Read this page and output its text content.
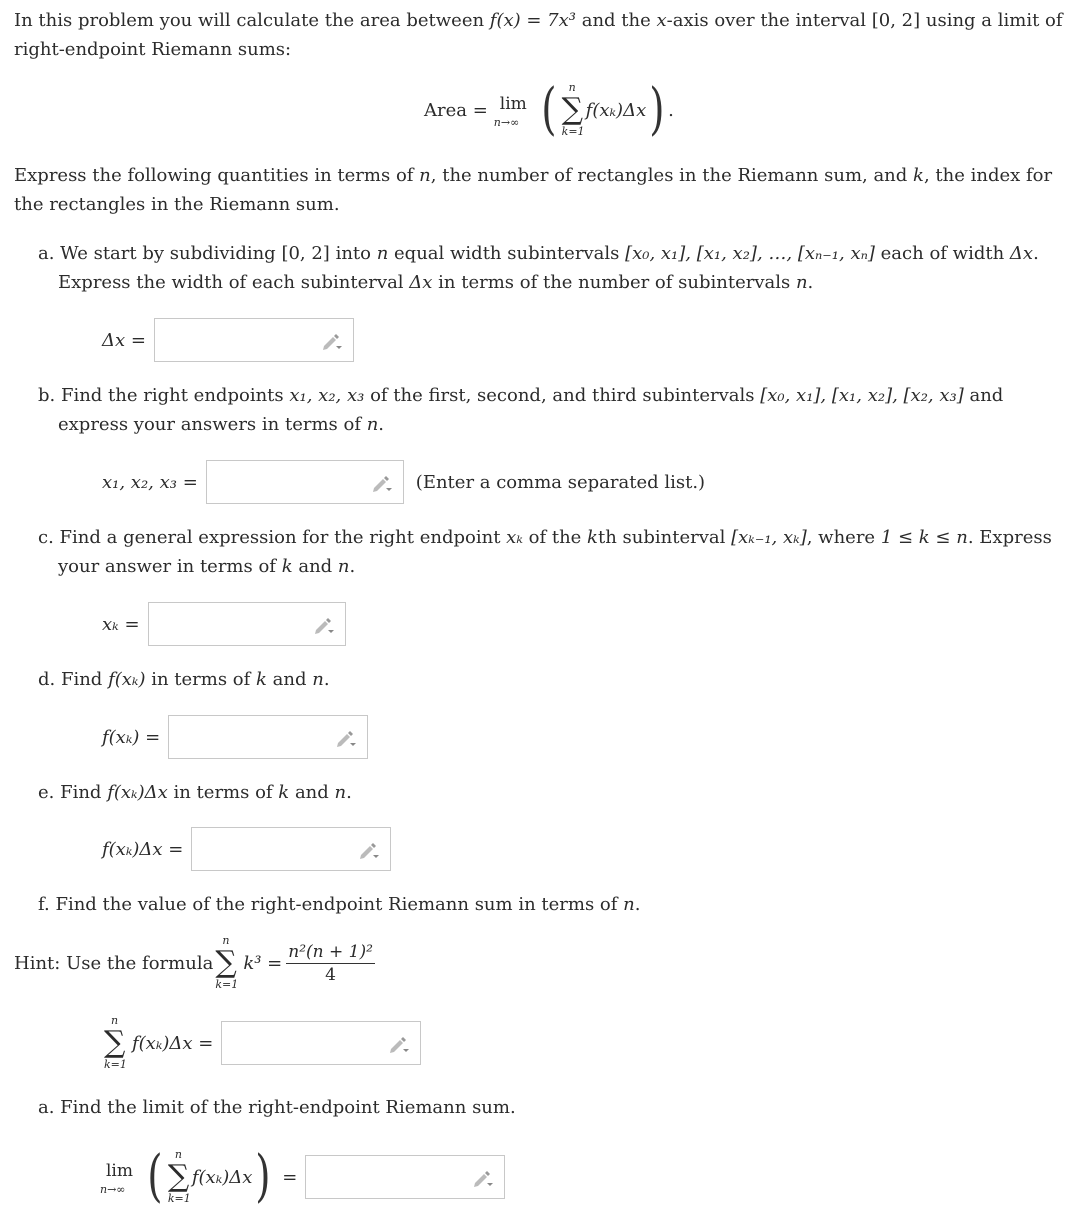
In this problem you will calculate the area between f(x) = 7x³ and the x-axis over the interval [0, 2] using a limit of right-endpoint Riemann sums:
Area = lim
n→∞ ( n
∑
k=1
f(xₖ)Δx ) .
Express the following quantities in terms of n, the number of rectangles in the Riemann sum, and k, the index for the rectangles in the Riemann sum.
a. We start by subdividing [0, 2] into n equal width subintervals [x₀, x₁], [x₁, x₂], …, [xₙ₋₁, xₙ] each of width Δx. Express the width of each subinterval Δx in terms of the number of subintervals n.
Δx =
b. Find the right endpoints x₁, x₂, x₃ of the first, second, and third subintervals [x₀, x₁], [x₁, x₂], [x₂, x₃] and express your answers in terms of n.
x₁, x₂, x₃ =	(Enter a comma separated list.)
c. Find a general expression for the right endpoint xₖ of the kth subinterval [xₖ₋₁, xₖ], where 1 ≤ k ≤ n. Express your answer in terms of k and n.
xₖ =
d. Find f(xₖ) in terms of k and n.
f(xₖ) =
e. Find f(xₖ)Δx in terms of k and n.
f(xₖ)Δx =
f. Find the value of the right-endpoint Riemann sum in terms of n.
Hint: Use the formula
n
∑
k=1
$k^3 = \frac{\text{n²(n + 1)²}}{4}$
n
∑
k=1
f(xₖ)Δx =
a. Find the limit of the right-endpoint Riemann sum.
lim
n→∞ ( n
∑
k=1
f(xₖ)Δx ) =
